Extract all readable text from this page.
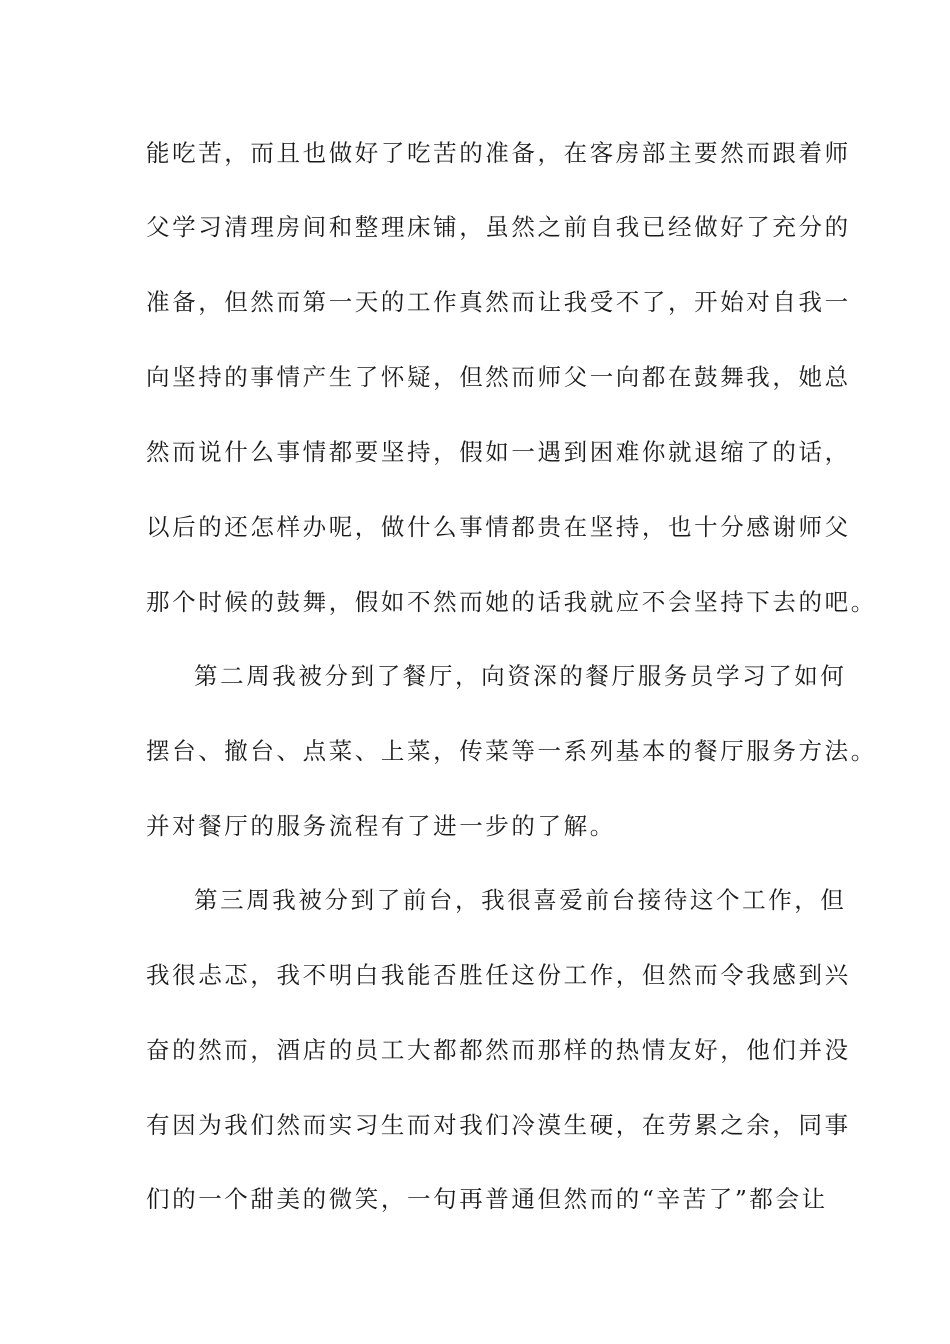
能吃苦，而且也做好了吃苦的准备，在客房部主要然而跟着师
父学习清理房间和整理床铺，虽然之前自我已经做好了充分的
准备，但然而第一天的工作真然而让我受不了，开始对自我一
向坚持的事情产生了怀疑，但然而师父一向都在鼓舞我，她总
然而说什么事情都要坚持，假如一遇到困难你就退缩了的话，
以后的还怎样办呢，做什么事情都贵在坚持，也十分感谢师父
那个时候的鼓舞，假如不然而她的话我就应不会坚持下去的吧。
第二周我被分到了餐厅，向资深的餐厅服务员学习了如何
摆台、撤台、点菜、上菜，传菜等一系列基本的餐厅服务方法。
并对餐厅的服务流程有了进一步的了解。
第三周我被分到了前台，我很喜爱前台接待这个工作，但
我很忐忑，我不明白我能否胜任这份工作，但然而令我感到兴
奋的然而，酒店的员工大都都然而那样的热情友好，他们并没
有因为我们然而实习生而对我们冷漠生硬，在劳累之余，同事
们的一个甜美的微笑，一句再普通但然而的“辛苦了”都会让
